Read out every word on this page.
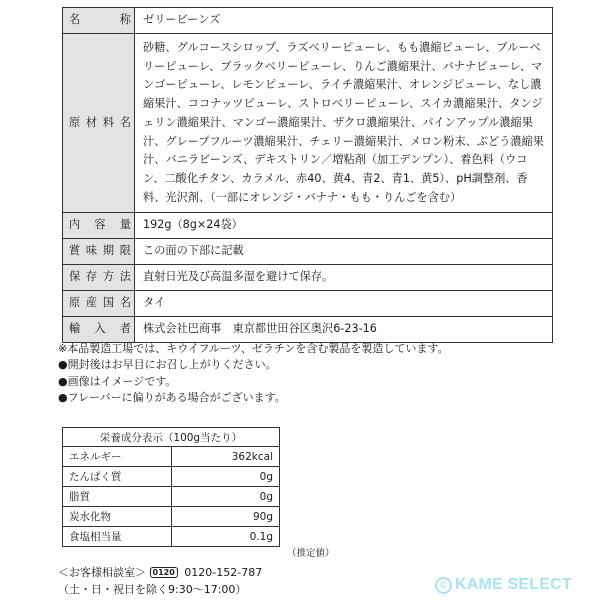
名　称	ゼリービーンズ
原材料名	砂糖、グルコースシロップ、ラズベリーピューレ、もも濃縮ピューレ、ブルーベリーピューレ、ブラックベリーピューレ、りんご濃縮果汁、バナナピューレ、マンゴーピューレ、レモンピューレ、ライチ濃縮果汁、オレンジピューレ、なし濃縮果汁、ココナッツピューレ、ストロベリーピューレ、スイカ濃縮果汁、タンジェリン濃縮果汁、マンゴー濃縮果汁、ザクロ濃縮果汁、パインアップル濃縮果汁、グレープフルーツ濃縮果汁、チェリー濃縮果汁、メロン粉末、ぶどう濃縮果汁、バニラビーンズ、デキストリン／増粘剤（加工デンプン）、着色料（ウコン、二酸化チタン、カラメル、赤40、黄4、青2、青1、黄5）、pH調整剤、香料、光沢剤、（一部にオレンジ・バナナ・もも・りんごを含む）
内 容 量	192g（8g×24袋）
賞味期限	この面の下部に記載
保存方法	直射日光及び高温多湿を避けて保存。
原産国名	タイ
輸 入 者	株式会社巴商事　東京都世田谷区奥沢6-23-16
※本品製造工場では、キウイフルーツ、ゼラチンを含む製品を製造しています。
●開封後はお早目にお召し上がりください。
●画像はイメージです。
●フレーバーに偏りがある場合がございます。
栄養成分表示（100g当たり）	
エネルギー	362kcal
たんぱく質	0g
脂質	0g
炭水化物	90g
食塩相当量	0.1g
（推定値）
＜お客様相談室＞ 0120 0120-152-787
（土・日・祝日を除く9:30～17:00）	© KAME SELECT
